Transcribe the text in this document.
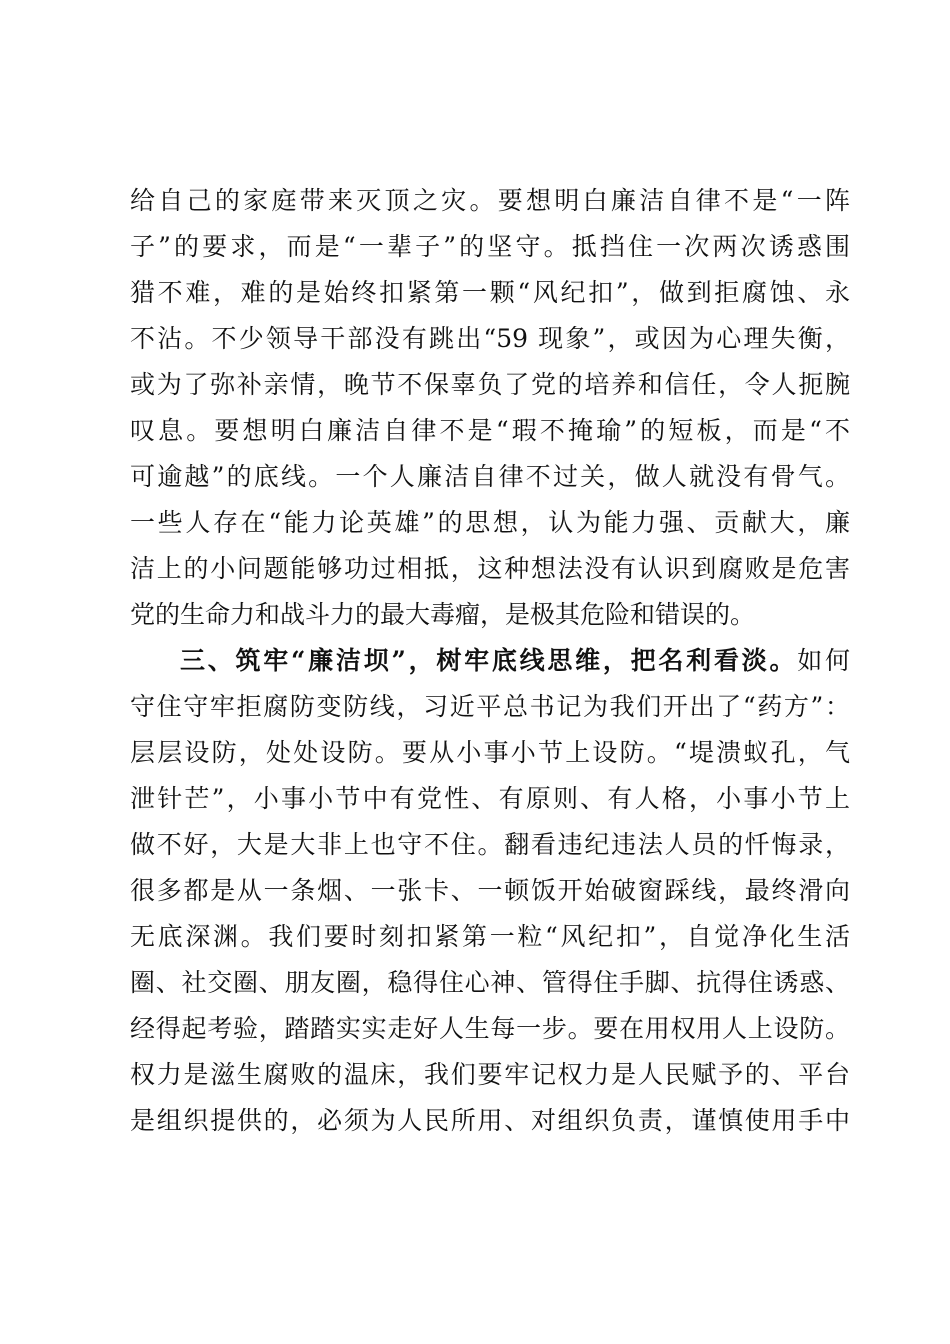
给自己的家庭带来灭顶之灾。要想明白廉洁自律不是“一阵
子”的要求，而是“一辈子”的坚守。抵挡住一次两次诱惑围
猎不难，难的是始终扣紧第一颗“风纪扣”，做到拒腐蚀、永
不沾。不少领导干部没有跳出“59 现象”，或因为心理失衡，
或为了弥补亲情，晚节不保辜负了党的培养和信任，令人扼腕
叹息。要想明白廉洁自律不是“瑕不掩瑜”的短板，而是“不
可逾越”的底线。一个人廉洁自律不过关，做人就没有骨气。
一些人存在“能力论英雄”的思想，认为能力强、贡献大，廉
洁上的小问题能够功过相抵，这种想法没有认识到腐败是危害
党的生命力和战斗力的最大毒瘤，是极其危险和错误的。
三、筑牢“廉洁坝”，树牢底线思维，把名利看淡。如何
守住守牢拒腐防变防线，习近平总书记为我们开出了“药方”：
层层设防，处处设防。要从小事小节上设防。“堤溃蚁孔，气
泄针芒”，小事小节中有党性、有原则、有人格，小事小节上
做不好，大是大非上也守不住。翻看违纪违法人员的忏悔录，
很多都是从一条烟、一张卡、一顿饭开始破窗踩线，最终滑向
无底深渊。我们要时刻扣紧第一粒“风纪扣”，自觉净化生活
圈、社交圈、朋友圈，稳得住心神、管得住手脚、抗得住诱惑、
经得起考验，踏踏实实走好人生每一步。要在用权用人上设防。
权力是滋生腐败的温床，我们要牢记权力是人民赋予的、平台
是组织提供的，必须为人民所用、对组织负责，谨慎使用手中
